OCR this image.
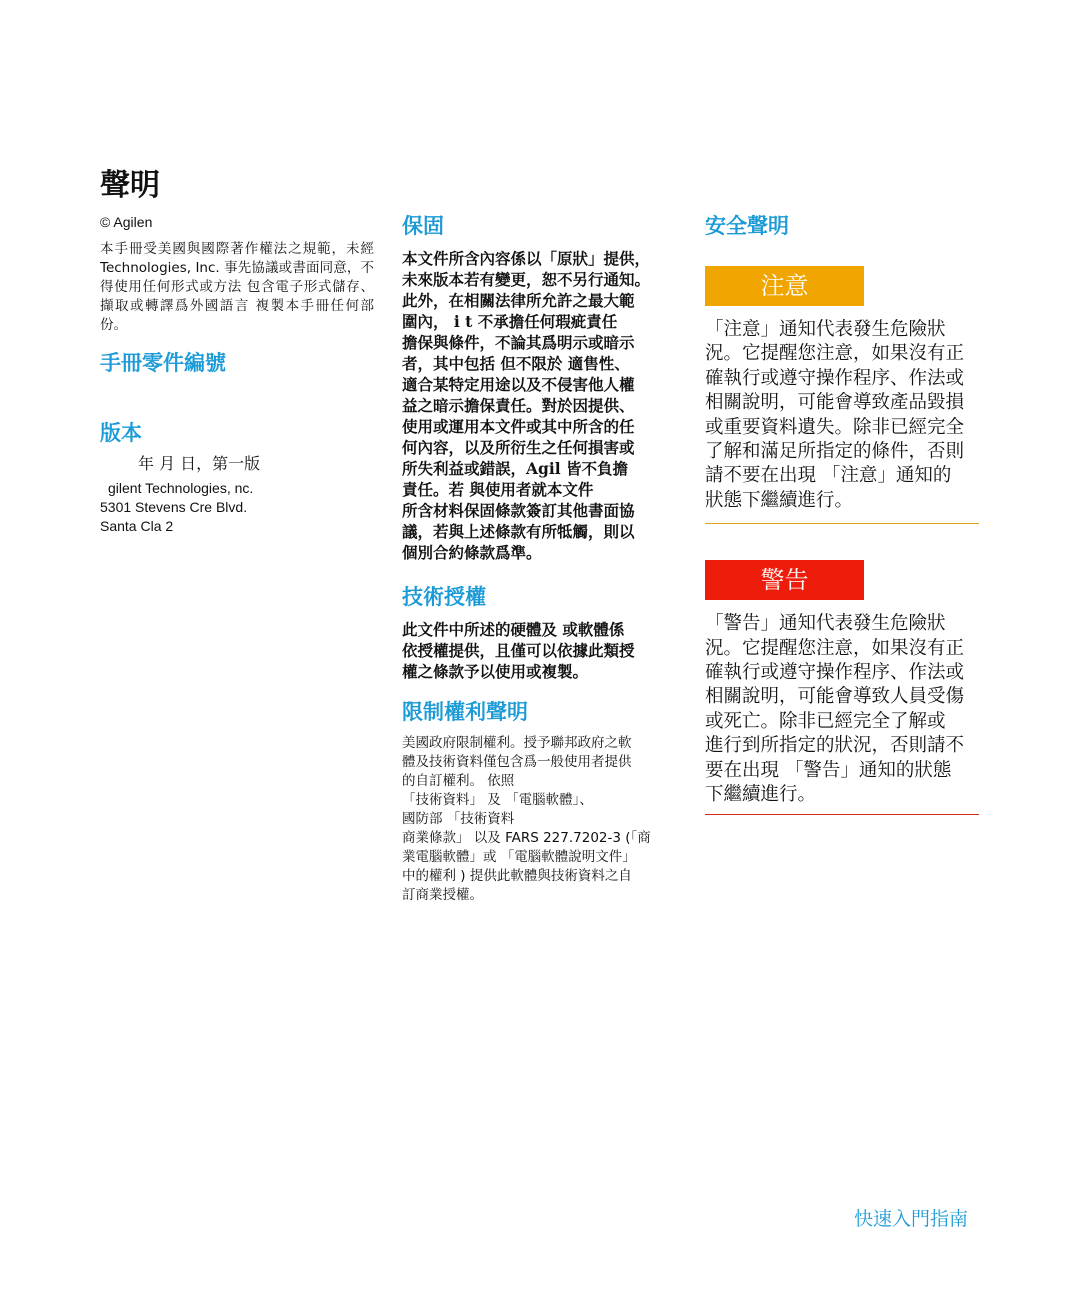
聲明
© Agilen

本手冊受美國與國際著作權法之規範，未經 Technologies, Inc. 事先協議或書面同意，不得使用任何形式或方法 包含電子形式儲存、擷取或轉譯爲外國語言 複製本手冊任何部份。

手冊零件編號
版本
年 月 日，第一版
gilent Technologies, nc.
5301 Stevens Cre Blvd.
Santa Cla 2
保固
本文件所含內容係以「原狀」提供，
未來版本若有變更，恕不另行通知。
此外，在相關法律所允許之最大範
圍內， i t 不承擔任何瑕疵責任
擔保與條件，不論其爲明示或暗示
者，其中包括 但不限於 適售性、
適合某特定用途以及不侵害他人權
益之暗示擔保責任。對於因提供、
使用或運用本文件或其中所含的任
何內容，以及所衍生之任何損害或
所失利益或錯誤，Agil 皆不負擔
責任。若 與使用者就本文件
所含材料保固條款簽訂其他書面協
議，若與上述條款有所牴觸，則以
個別合約條款爲準。
技術授權
此文件中所述的硬體及 或軟體係
依授權提供，且僅可以依據此類授
權之條款予以使用或複製。
限制權利聲明
美國政府限制權利。授予聯邦政府之軟
體及技術資料僅包含爲一般使用者提供
的自訂權利。 依照
「技術資料」 及 「電腦軟體」、
國防部 「技術資料
商業條款」 以及 FARS 227.7202-3 (「商
業電腦軟體」或 「電腦軟體說明文件」
中的權利 ) 提供此軟體與技術資料之自
訂商業授權。
安全聲明
注意
「注意」通知代表發生危險狀
況。它提醒您注意，如果沒有正
確執行或遵守操作程序、作法或
相關說明，可能會導致產品毀損
或重要資料遺失。除非已經完全
了解和滿足所指定的條件，否則
請不要在出現 「注意」通知的
狀態下繼續進行。
警告
「警告」通知代表發生危險狀
況。它提醒您注意，如果沒有正
確執行或遵守操作程序、作法或
相關說明，可能會導致人員受傷
或死亡。除非已經完全了解或
進行到所指定的狀況，否則請不
要在出現 「警告」通知的狀態
下繼續進行。
快速入門指南
